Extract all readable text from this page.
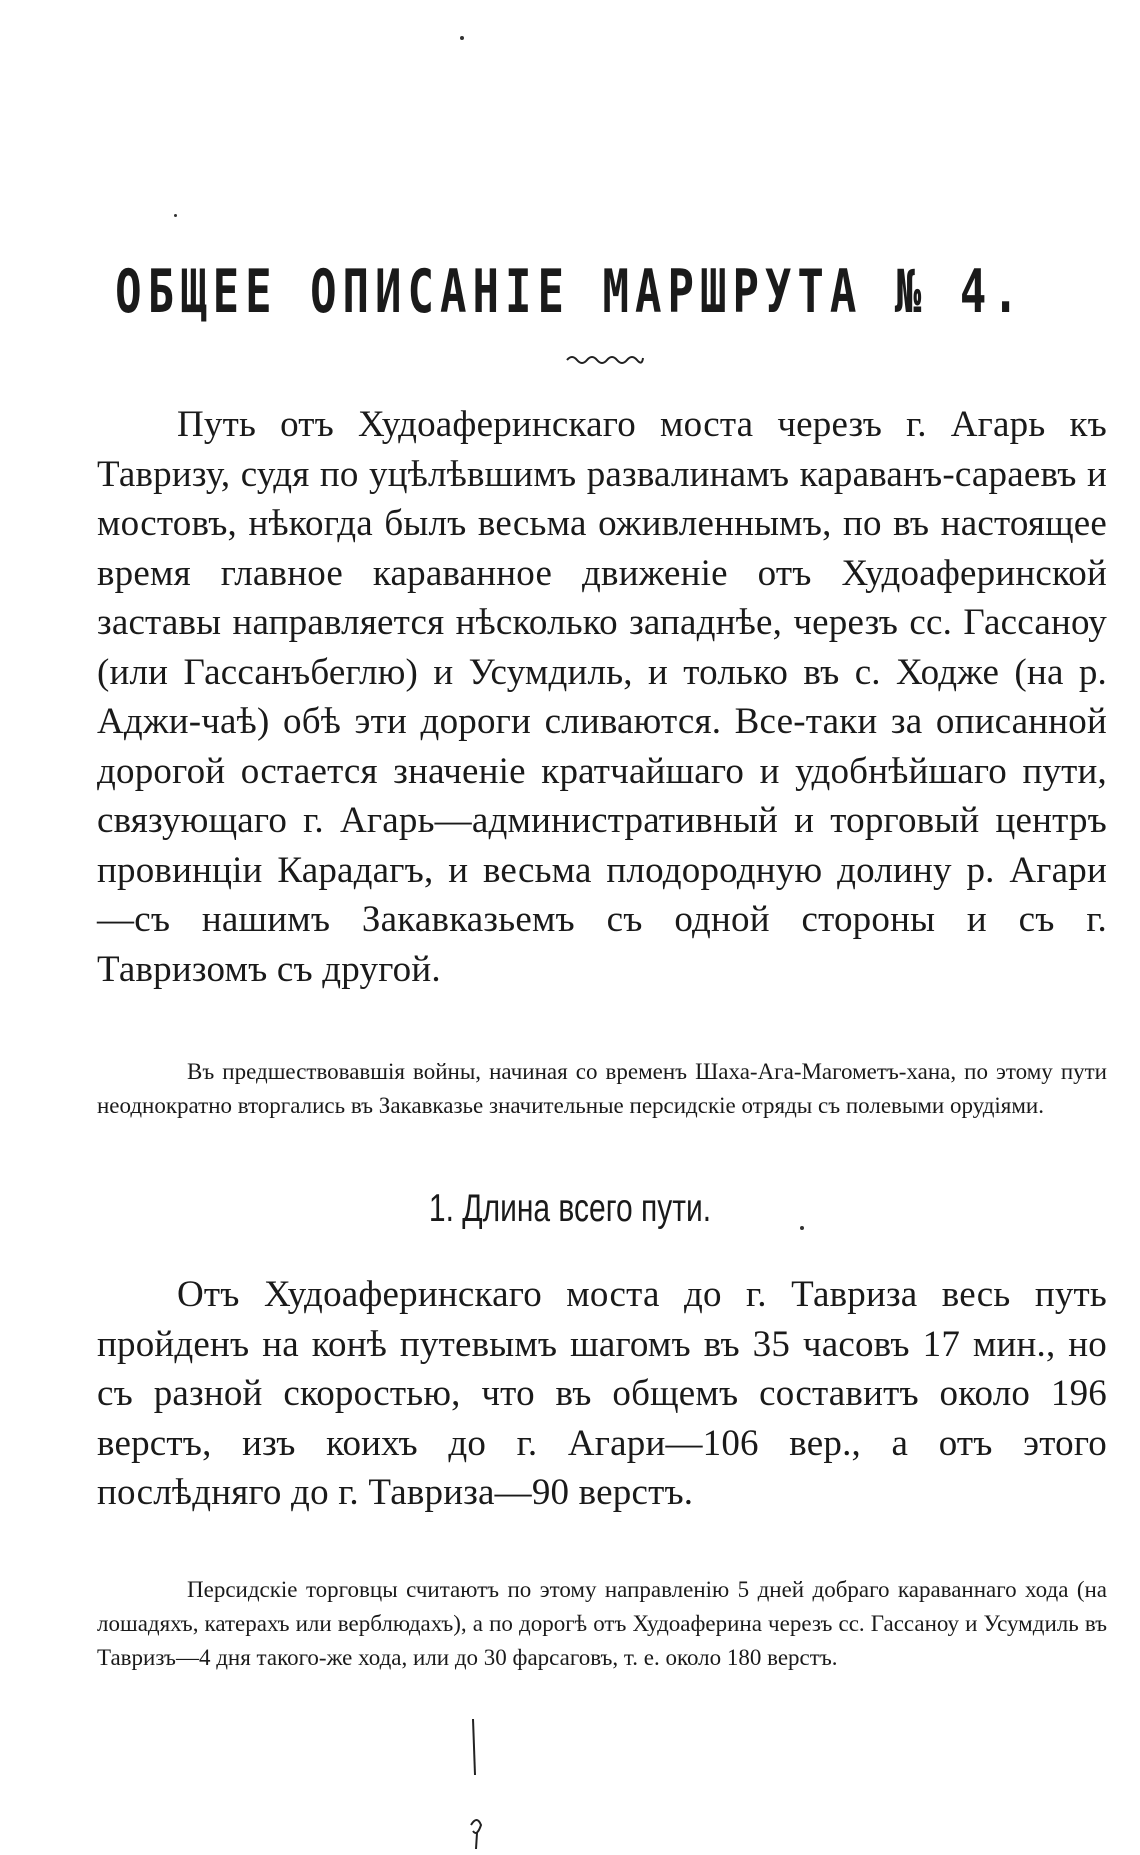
ОБЩЕЕ ОПИСАНІЕ МАРШРУТА № 4.

Путь отъ Худоаферинскаго моста черезъ г. Агарь къ Тавризу, судя по уцѣлѣвшимъ развалинамъ караванъ-сараевъ и мостовъ, нѣкогда былъ весьма оживленнымъ, по въ настоящее время главное караванное движеніе отъ Худоаферинской заставы направляется нѣсколько западнѣе, черезъ сс. Гассаноу (или Гассанъбеглю) и Усумдиль, и только въ с. Ходже (на р. Аджи-чаѣ) обѣ эти дороги сливаются. Все-таки за описанной дорогой остается значеніе кратчайшаго и удобнѣйшаго пути, связующаго г. Агарь—административный и торговый центръ провинціи Карадагъ, и весьма плодородную долину р. Агари—съ нашимъ Закавказьемъ съ одной стороны и съ г. Тавризомъ съ другой.

Въ предшествовавшія войны, начиная со временъ Шаха-Ага-Магометъ-хана, по этому пути неоднократно вторгались въ Закавказье значительные персидскіе отряды съ полевыми орудіями.

1. Длина всего пути.

Отъ Худоаферинскаго моста до г. Тавриза весь путь пройденъ на конѣ путевымъ шагомъ въ 35 часовъ 17 мин., но съ разной скоростью, что въ общемъ составитъ около 196 верстъ, изъ коихъ до г. Агари—106 вер., а отъ этого послѣдняго до г. Тавриза—90 верстъ.

Персидскіе торговцы считаютъ по этому направленію 5 дней добраго караваннаго хода (на лошадяхъ, катерахъ или верблюдахъ), а по дорогѣ отъ Худоаферина черезъ сс. Гассаноу и Усумдиль въ Тавризъ—4 дня такого-же хода, или до 30 фарсаговъ, т. е. около 180 верстъ.
